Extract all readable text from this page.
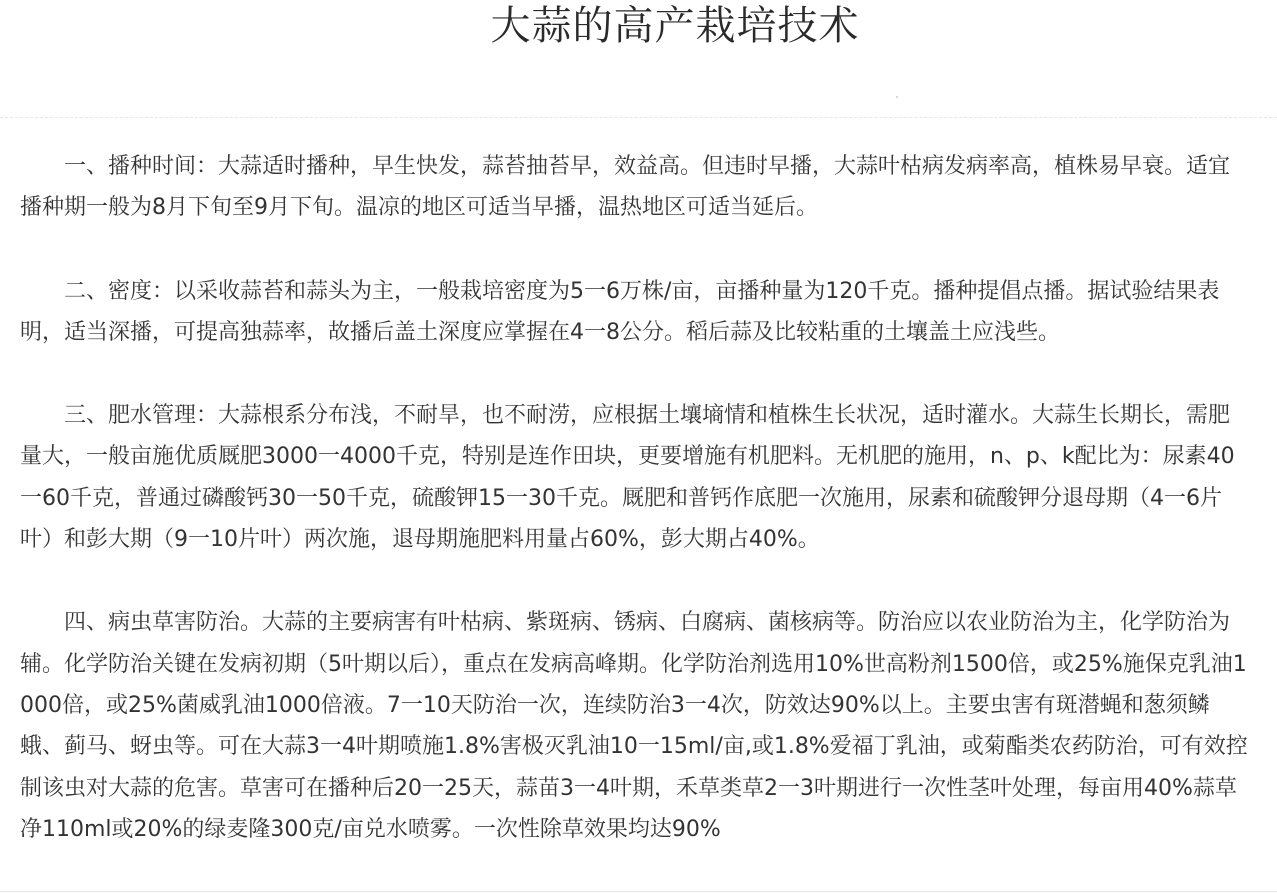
大蒜的高产栽培技术

一、播种时间：大蒜适时播种，早生快发，蒜苔抽苔早，效益高。但违时早播，大蒜叶枯病发病率高，植株易早衰。适宜播种期一般为8月下旬至9月下旬。温凉的地区可适当早播，温热地区可适当延后。

二、密度：以采收蒜苔和蒜头为主，一般栽培密度为5一6万株/亩，亩播种量为120千克。播种提倡点播。据试验结果表明，适当深播，可提高独蒜率，故播后盖土深度应掌握在4一8公分。稻后蒜及比较粘重的土壤盖土应浅些。

三、肥水管理：大蒜根系分布浅，不耐旱，也不耐涝，应根据土壤墒情和植株生长状况，适时灌水。大蒜生长期长，需肥量大，一般亩施优质厩肥3000一4000千克，特别是连作田块，更要增施有机肥料。无机肥的施用，n、p、k配比为：尿素40一60千克，普通过磷酸钙30一50千克，硫酸钾15一30千克。厩肥和普钙作底肥一次施用，尿素和硫酸钾分退母期（4一6片叶）和彭大期（9一10片叶）两次施，退母期施肥料用量占60%，彭大期占40%。

四、病虫草害防治。大蒜的主要病害有叶枯病、紫斑病、锈病、白腐病、菌核病等。防治应以农业防治为主，化学防治为辅。化学防治关键在发病初期（5叶期以后），重点在发病高峰期。化学防治剂选用10%世高粉剂1500倍，或25%施保克乳油1000倍，或25%菌威乳油1000倍液。7一10天防治一次，连续防治3一4次，防效达90%以上。主要虫害有斑潜蝇和葱须鳞蛾、蓟马、蚜虫等。可在大蒜3一4叶期喷施1.8%害极灭乳油10一15ml/亩,或1.8%爱福丁乳油，或菊酯类农药防治，可有效控制该虫对大蒜的危害。草害可在播种后20一25天，蒜苗3一4叶期，禾草类草2一3叶期进行一次性茎叶处理，每亩用40%蒜草净110ml或20%的绿麦隆300克/亩兑水喷雾。一次性除草效果均达90%
